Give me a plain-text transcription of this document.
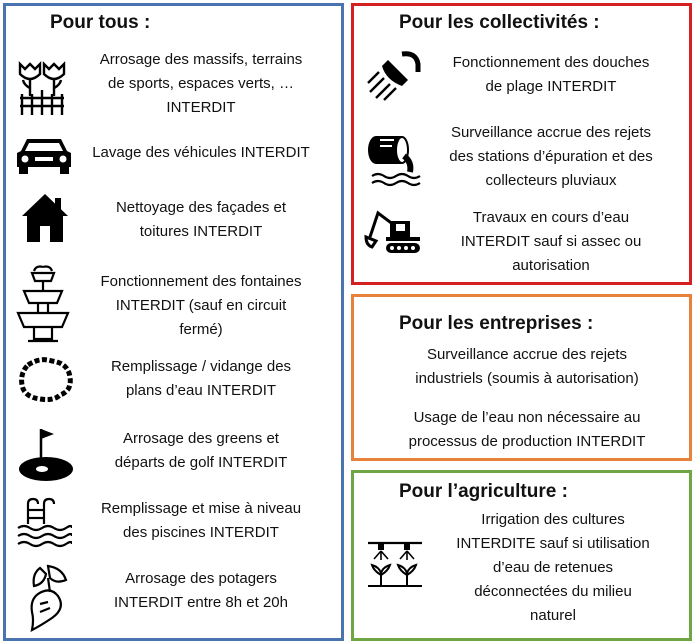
Pour tous :
Arrosage des massifs, terrains
de sports, espaces verts, …
INTERDIT
Lavage des véhicules INTERDIT
Nettoyage des façades et
toitures INTERDIT
Fonctionnement des fontaines
INTERDIT (sauf en circuit
fermé)
Remplissage / vidange des
plans d’eau INTERDIT
Arrosage des greens et
départs de golf INTERDIT
Remplissage et mise à niveau
des piscines INTERDIT
Arrosage des potagers
INTERDIT entre 8h et 20h
Pour les collectivités :
Fonctionnement des douches
de plage INTERDIT
Surveillance accrue des rejets
des stations d’épuration et des
collecteurs pluviaux
Travaux en cours d’eau
INTERDIT sauf si assec ou
autorisation
Pour les entreprises :
Surveillance accrue des rejets
industriels (soumis à autorisation)
Usage de l’eau non nécessaire au
processus de production INTERDIT
Pour l’agriculture :
Irrigation des cultures
INTERDITE sauf si utilisation
d’eau de retenues
déconnectées du milieu
naturel
